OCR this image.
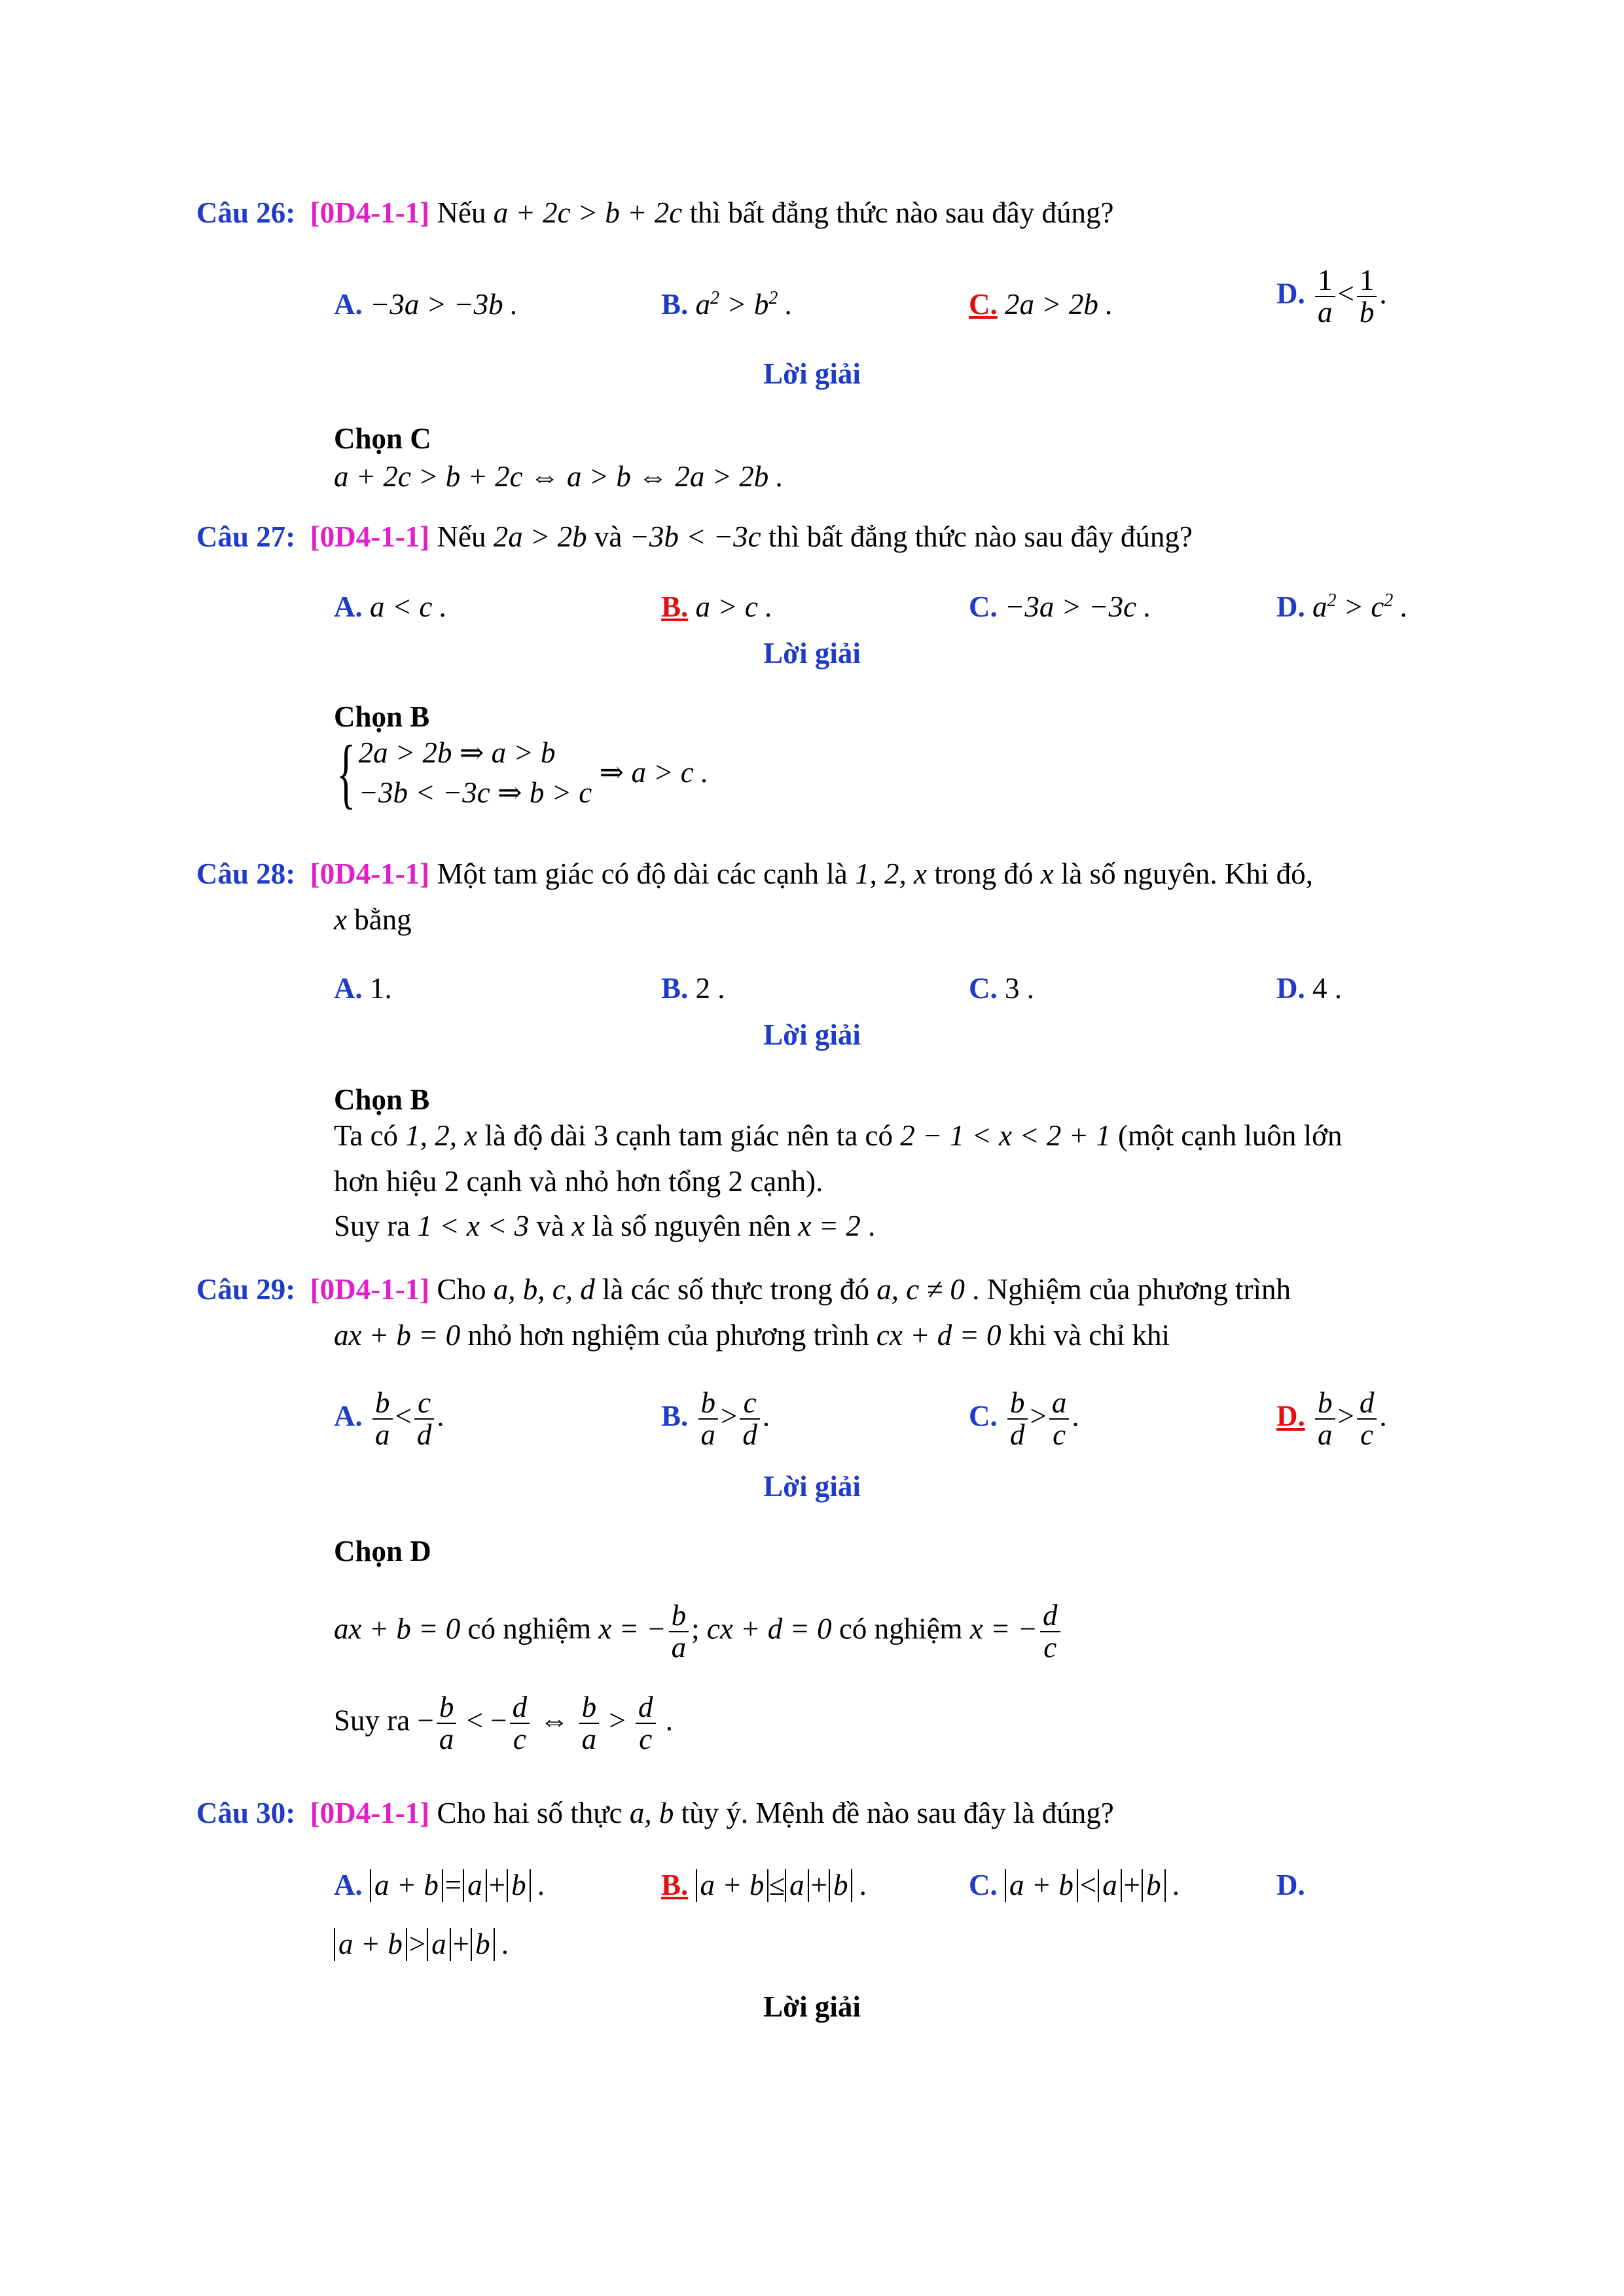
Câu 26: [0D4-1-1] Nếu a + 2c > b + 2c thì bất đẳng thức nào sau đây đúng?
A. −3a > −3b .	B. $a^2 > b^2$ .	C. 2a > 2b .	D. $\frac{1}{a} < \frac{1}{b}$ .
Lời giải
Chọn C
a + 2c > b + 2c ⇔ a > b ⇔ 2a > 2b .
Câu 27: [0D4-1-1] Nếu 2a > 2b và −3b < −3c thì bất đẳng thức nào sau đây đúng?
A. a < c .	B. a > c .	C. −3a > −3c .	D. $a^2 > c^2$ .
Lời giải
Chọn B
{ 2a > 2b ⇒ a > b
−3b < −3c ⇒ b > c
⇒ a > c .
Câu 28: [0D4-1-1] Một tam giác có độ dài các cạnh là 1, 2, x trong đó x là số nguyên. Khi đó,
x bằng
A. 1.	B. 2 .	C. 3 .	D. 4 .
Lời giải
Chọn B
Ta có 1, 2, x là độ dài 3 cạnh tam giác nên ta có 2 − 1 < x < 2 + 1 (một cạnh luôn lớn
hơn hiệu 2 cạnh và nhỏ hơn tổng 2 cạnh).
Suy ra 1 < x < 3 và x là số nguyên nên x = 2 .
Câu 29: [0D4-1-1] Cho a, b, c, d là các số thực trong đó a, c ≠ 0 . Nghiệm của phương trình
ax + b = 0 nhỏ hơn nghiệm của phương trình cx + d = 0 khi và chỉ khi
A. $\frac{b}{a} < \frac{c}{d}$ .	B. $\frac{b}{a} > \frac{c}{d}$ .	C. $\frac{b}{d} > \frac{a}{c}$ .	D. $\frac{b}{a} > \frac{d}{c}$ .
Lời giải
Chọn D
ax + b = 0 có nghiệm x = − $\frac{b}{a}$ ; cx + d = 0 có nghiệm x = − $\frac{d}{c}$
Suy ra − $\frac{b}{a}$ < − $\frac{d}{c}$ ⇔ $\frac{b}{a} > \frac{d}{c}$ .
Câu 30: [0D4-1-1] Cho hai số thực a, b tùy ý. Mệnh đề nào sau đây là đúng?
A. a + b = a + b .	B. a + b ≤ a + b .	C. a + b < a + b .	D.
a + b > a + b .
Lời giải
